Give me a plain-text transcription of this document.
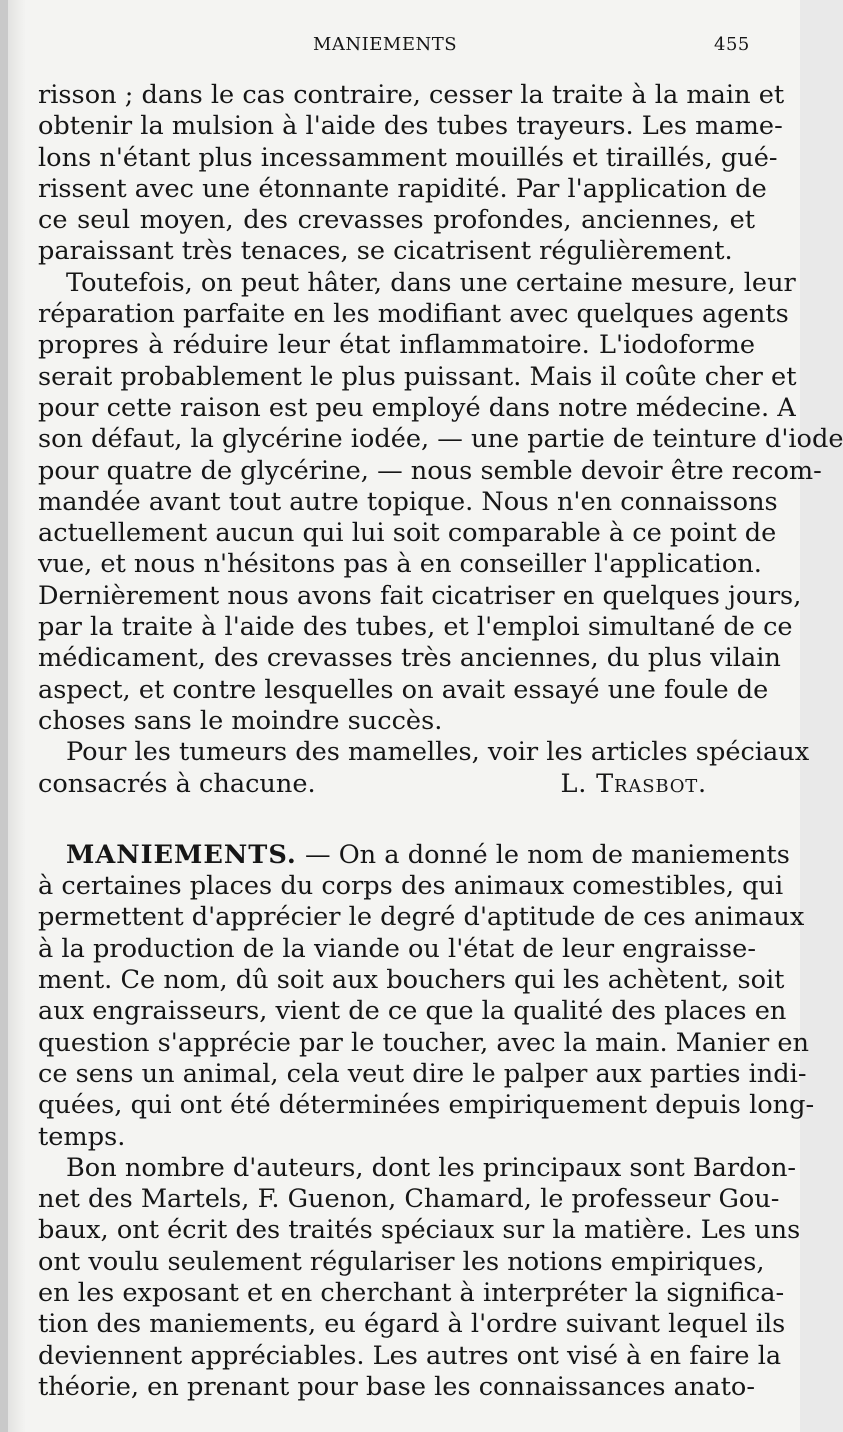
MANIEMENTS	455
risson ; dans le cas contraire, cesser la traite à la main et
obtenir la mulsion à l'aide des tubes trayeurs. Les mame-
lons n'étant plus incessamment mouillés et tiraillés, gué-
rissent avec une étonnante rapidité. Par l'application de
ce seul moyen, des crevasses profondes, anciennes, et
paraissant très tenaces, se cicatrisent régulièrement.
Toutefois, on peut hâter, dans une certaine mesure, leur
réparation parfaite en les modifiant avec quelques agents
propres à réduire leur état inflammatoire. L'iodoforme
serait probablement le plus puissant. Mais il coûte cher et
pour cette raison est peu employé dans notre médecine. A
son défaut, la glycérine iodée, — une partie de teinture d'iode
pour quatre de glycérine, — nous semble devoir être recom-
mandée avant tout autre topique. Nous n'en connaissons
actuellement aucun qui lui soit comparable à ce point de
vue, et nous n'hésitons pas à en conseiller l'application.
Dernièrement nous avons fait cicatriser en quelques jours,
par la traite à l'aide des tubes, et l'emploi simultané de ce
médicament, des crevasses très anciennes, du plus vilain
aspect, et contre lesquelles on avait essayé une foule de
choses sans le moindre succès.
Pour les tumeurs des mamelles, voir les articles spéciaux
consacrés à chacune.	L. Trasbot.
MANIEMENTS. — On a donné le nom de maniements
à certaines places du corps des animaux comestibles, qui
permettent d'apprécier le degré d'aptitude de ces animaux
à la production de la viande ou l'état de leur engraisse-
ment. Ce nom, dû soit aux bouchers qui les achètent, soit
aux engraisseurs, vient de ce que la qualité des places en
question s'apprécie par le toucher, avec la main. Manier en
ce sens un animal, cela veut dire le palper aux parties indi-
quées, qui ont été déterminées empiriquement depuis long-
temps.
Bon nombre d'auteurs, dont les principaux sont Bardon-
net des Martels, F. Guenon, Chamard, le professeur Gou-
baux, ont écrit des traités spéciaux sur la matière. Les uns
ont voulu seulement régulariser les notions empiriques,
en les exposant et en cherchant à interpréter la significa-
tion des maniements, eu égard à l'ordre suivant lequel ils
deviennent appréciables. Les autres ont visé à en faire la
théorie, en prenant pour base les connaissances anato-
